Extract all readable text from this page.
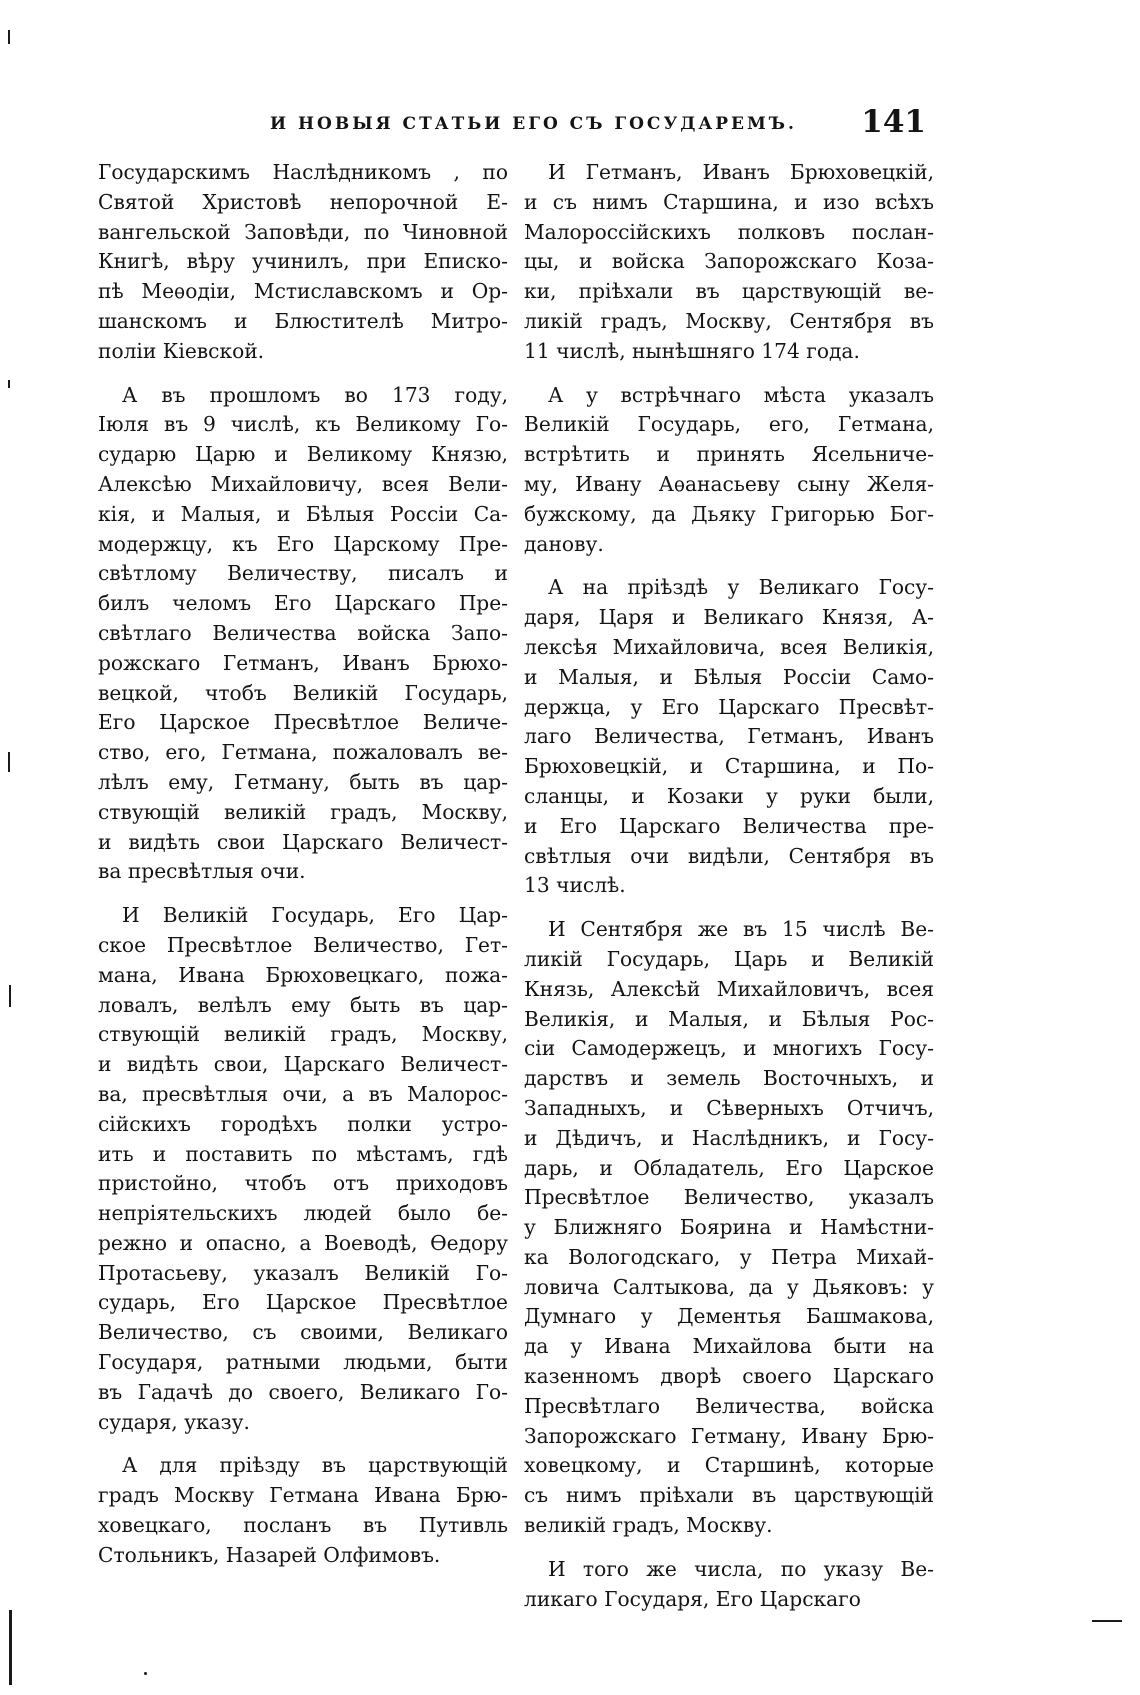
И НОВЫЯ СТАТЬИ ЕГО СЪ ГОСУДАРЕМЪ. 141
Государскимъ Наслѣдникомъ , по
Святой Христовѣ непорочной Е-
вангельской Заповѣди, по Чиновной
Книгѣ, вѣру учинилъ, при Еписко-
пѣ Меѳодіи, Мстиславскомъ и Ор-
шанскомъ и Блюстителѣ Митро-
поліи Кіевской.
А въ прошломъ во 173 году,
Іюля въ 9 числѣ, къ Великому Го-
сударю Царю и Великому Князю,
Алексѣю Михайловичу, всея Вели-
кія, и Малыя, и Бѣлыя Россіи Са-
модержцу, къ Его Царскому Пре-
свѣтлому Величеству, писалъ и
билъ челомъ Его Царскаго Пре-
свѣтлаго Величества войска Запо-
рожскаго Гетманъ, Иванъ Брюхо-
вецкой, чтобъ Великій Государь,
Его Царское Пресвѣтлое Величе-
ство, его, Гетмана, пожаловалъ ве-
лѣлъ ему, Гетману, быть въ цар-
ствующій великій градъ, Москву,
и видѣть свои Царскаго Величест-
ва пресвѣтлыя очи.
И Великій Государь, Его Цар-
ское Пресвѣтлое Величество, Гет-
мана, Ивана Брюховецкаго, пожа-
ловалъ, велѣлъ ему быть въ цар-
ствующій великій градъ, Москву,
и видѣть свои, Царскаго Величест-
ва, пресвѣтлыя очи, а въ Малорос-
сійскихъ городѣхъ полки устро-
ить и поставить по мѣстамъ, гдѣ
пристойно, чтобъ отъ приходовъ
непріятельскихъ людей было бе-
режно и опасно, а Воеводѣ, Ѳедору
Протасьеву, указалъ Великій Го-
сударь, Его Царское Пресвѣтлое
Величество, съ своими, Великаго
Государя, ратными людьми, быти
въ Гадачѣ до своего, Великаго Го-
сударя, указу.
А для пріѣзду въ царствующій
градъ Москву Гетмана Ивана Брю-
ховецкаго, посланъ въ Путивль
Стольникъ, Назарей Олфимовъ.
И Гетманъ, Иванъ Брюховецкій,
и съ нимъ Старшина, и изо всѣхъ
Малороссійскихъ полковъ послан-
цы, и войска Запорожскаго Коза-
ки, пріѣхали въ царствующій ве-
ликій градъ, Москву, Сентября въ
11 числѣ, нынѣшняго 174 года.
А у встрѣчнаго мѣста указалъ
Великій Государь, его, Гетмана,
встрѣтить и принять Ясельниче-
му, Ивану Аѳанасьеву сыну Желя-
бужскому, да Дьяку Григорью Бог-
данову.
А на пріѣздѣ у Великаго Госу-
даря, Царя и Великаго Князя, А-
лексѣя Михайловича, всея Великія,
и Малыя, и Бѣлыя Россіи Само-
держца, у Его Царскаго Пресвѣт-
лаго Величества, Гетманъ, Иванъ
Брюховецкій, и Старшина, и По-
сланцы, и Козаки у руки были,
и Его Царскаго Величества пре-
свѣтлыя очи видѣли, Сентября въ
13 числѣ.
И Сентября же въ 15 числѣ Ве-
ликій Государь, Царь и Великій
Князь, Алексѣй Михайловичъ, всея
Великія, и Малыя, и Бѣлыя Рос-
сіи Самодержецъ, и многихъ Госу-
дарствъ и земель Восточныхъ, и
Западныхъ, и Сѣверныхъ Отчичъ,
и Дѣдичъ, и Наслѣдникъ, и Госу-
дарь, и Обладатель, Его Царское
Пресвѣтлое Величество, указалъ
у Ближняго Боярина и Намѣстни-
ка Вологодскаго, у Петра Михай-
ловича Салтыкова, да у Дьяковъ: у
Думнаго у Дементья Башмакова,
да у Ивана Михайлова быти на
казенномъ дворѣ своего Царскаго
Пресвѣтлаго Величества, войска
Запорожскаго Гетману, Ивану Брю-
ховецкому, и Старшинѣ, которые
съ нимъ пріѣхали въ царствующій
великій градъ, Москву.
И того же числа, по указу Ве-
ликаго Государя, Его Царскаго
